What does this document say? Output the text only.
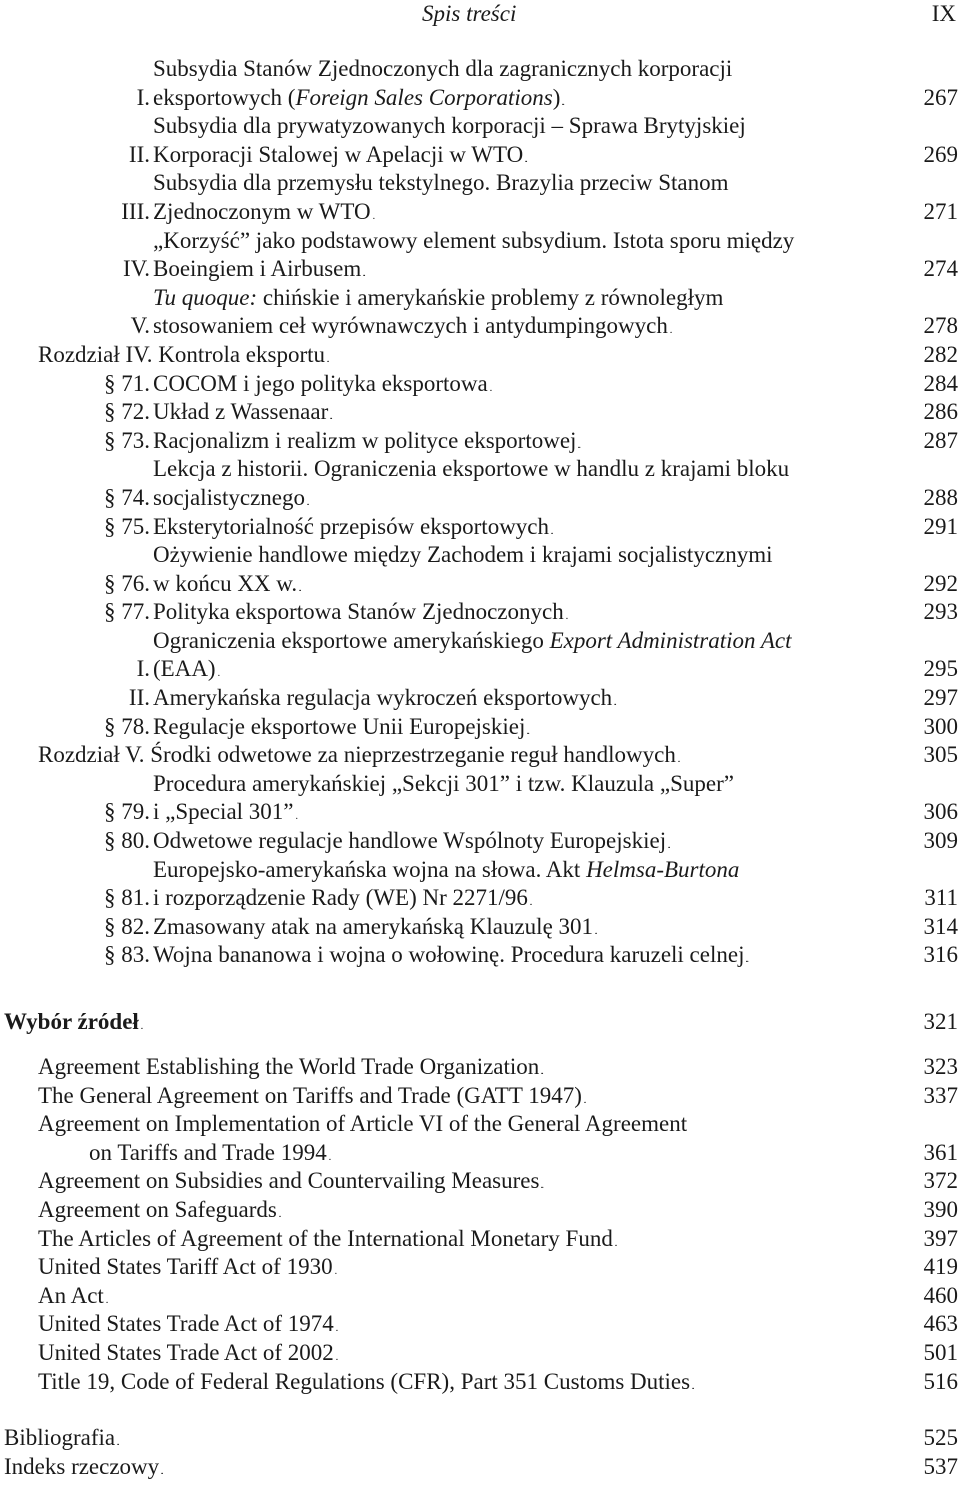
Spis treści	IX
Subsydia Stanów Zjednoczonych dla zagranicznych korporacji
I. eksportowych (Foreign Sales Corporations) . . .	267
Subsydia dla prywatyzowanych korporacji – Sprawa Brytyjskiej
II. Korporacji Stalowej w Apelacji w WTO . . .	269
Subsydia dla przemysłu tekstylnego. Brazylia przeciw Stanom
III. Zjednoczonym w WTO . . .	271
„Korzyść” jako podstawowy element subsydium. Istota sporu między
IV. Boeingiem i Airbusem . . .	274
Tu quoque: chińskie i amerykańskie problemy z równoległym
V. stosowaniem ceł wyrównawczych i antydumpingowych . . .	278
Rozdział IV. Kontrola eksportu . . .	282
§ 71. COCOM i jego polityka eksportowa . . .	284
§ 72. Układ z Wassenaar . . .	286
§ 73. Racjonalizm i realizm w polityce eksportowej . . .	287
Lekcja z historii. Ograniczenia eksportowe w handlu z krajami bloku
§ 74. socjalistycznego . . .	288
§ 75. Eksterytorialność przepisów eksportowych . . .	291
Ożywienie handlowe między Zachodem i krajami socjalistycznymi
§ 76. w końcu XX w. . . .	292
§ 77. Polityka eksportowa Stanów Zjednoczonych . . .	293
Ograniczenia eksportowe amerykańskiego Export Administration Act
I. (EAA) . . .	295
II. Amerykańska regulacja wykroczeń eksportowych . . .	297
§ 78. Regulacje eksportowe Unii Europejskiej . . .	300
Rozdział V. Środki odwetowe za nieprzestrzeganie reguł handlowych . . .	305
Procedura amerykańskiej „Sekcji 301” i tzw. Klauzula „Super”
§ 79. i „Special 301” . . .	306
§ 80. Odwetowe regulacje handlowe Wspólnoty Europejskiej . . .	309
Europejsko-amerykańska wojna na słowa. Akt Helmsa-Burtona
§ 81. i rozporządzenie Rady (WE) Nr 2271/96 . . .	311
§ 82. Zmasowany atak na amerykańską Klauzulę 301 . . .	314
§ 83. Wojna bananowa i wojna o wołowinę. Procedura karuzeli celnej . . .	316
Wybór źródeł . . .	321
Agreement Establishing the World Trade Organization . . .	323
The General Agreement on Tariffs and Trade (GATT 1947) . . .	337
Agreement on Implementation of Article VI of the General Agreement
on Tariffs and Trade 1994 . . .	361
Agreement on Subsidies and Countervailing Measures . . .	372
Agreement on Safeguards . . .	390
The Articles of Agreement of the International Monetary Fund . . .	397
United States Tariff Act of 1930 . . .	419
An Act . . .	460
United States Trade Act of 1974 . . .	463
United States Trade Act of 2002 . . .	501
Title 19, Code of Federal Regulations (CFR), Part 351 Customs Duties . . .	516
Bibliografia . . .	525
Indeks rzeczowy . . .	537
